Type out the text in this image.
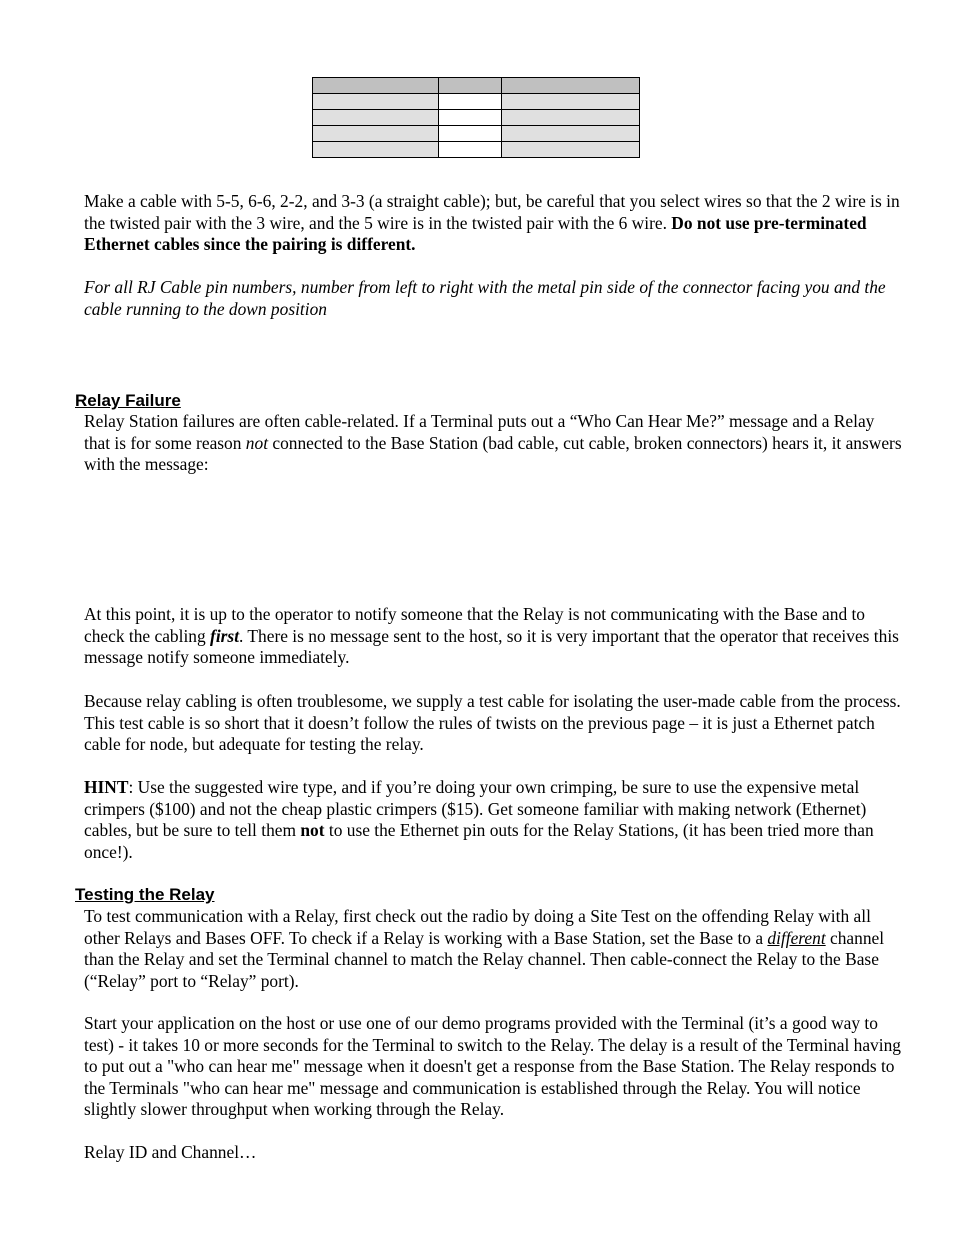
Make a cable with 5-5, 6-6, 2-2, and 3-3 (a straight cable); but, be careful that you select wires so that the 2 wire is in the twisted pair with the 3 wire, and the 5 wire is in the twisted pair with the 6 wire. Do not use pre-terminated Ethernet cables since the pairing is different.

For all RJ Cable pin numbers, number from left to right with the metal pin side of the connector facing you and the cable running to the down position

Relay Failure

Relay Station failures are often cable-related. If a Terminal puts out a “Who Can Hear Me?” message and a Relay that is for some reason not connected to the Base Station (bad cable, cut cable, broken connectors) hears it, it answers with the message:

At this point, it is up to the operator to notify someone that the Relay is not communicating with the Base and to check the cabling first. There is no message sent to the host, so it is very important that the operator that receives this message notify someone immediately.

Because relay cabling is often troublesome, we supply a test cable for isolating the user-made cable from the process. This test cable is so short that it doesn’t follow the rules of twists on the previous page – it is just a Ethernet patch cable for node, but adequate for testing the relay.

HINT: Use the suggested wire type, and if you’re doing your own crimping, be sure to use the expensive metal crimpers ($100) and not the cheap plastic crimpers ($15). Get someone familiar with making network (Ethernet) cables, but be sure to tell them not to use the Ethernet pin outs for the Relay Stations, (it has been tried more than once!).

Testing the Relay

To test communication with a Relay, first check out the radio by doing a Site Test on the offending Relay with all other Relays and Bases OFF. To check if a Relay is working with a Base Station, set the Base to a different channel than the Relay and set the Terminal channel to match the Relay channel. Then cable-connect the Relay to the Base (“Relay” port to “Relay” port).

Start your application on the host or use one of our demo programs provided with the Terminal (it’s a good way to test) - it takes 10 or more seconds for the Terminal to switch to the Relay. The delay is a result of the Terminal having to put out a "who can hear me" message when it doesn't get a response from the Base Station. The Relay responds to the Terminals "who can hear me" message and communication is established through the Relay. You will notice slightly slower throughput when working through the Relay.

Relay ID and Channel…
